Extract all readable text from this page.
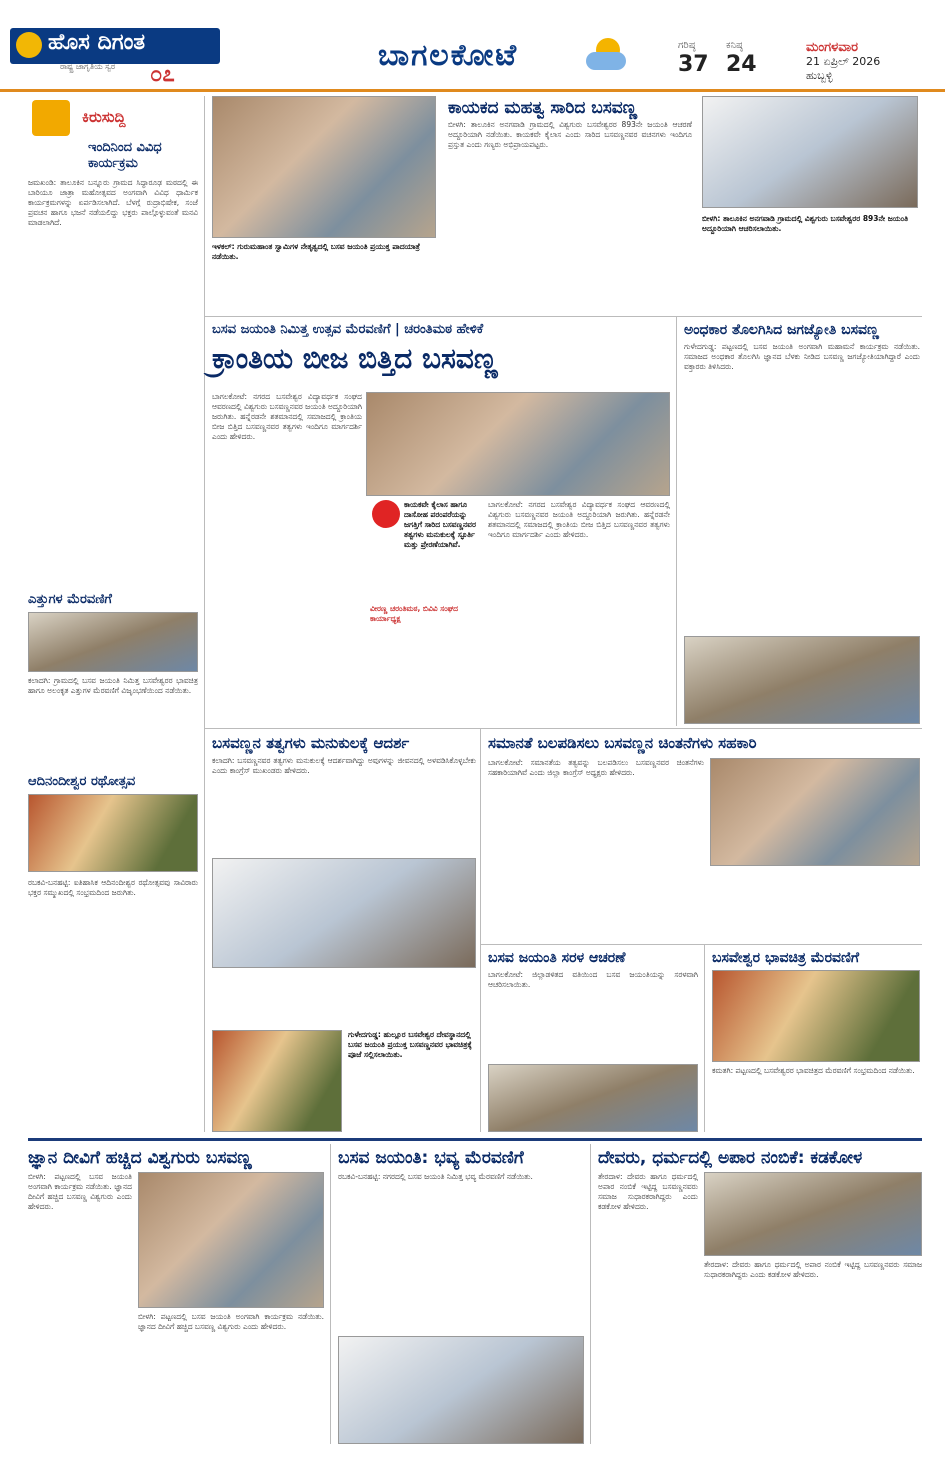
ಹೊಸ ದಿಗಂತ
ರಾಷ್ಟ್ರ ಜಾಗೃತಿಯ ಸ್ವರ ೦೭
ಬಾಗಲಕೋಟೆ	ಗರಿಷ್ಠ
37
ಕನಿಷ್ಠ
24
ಮಂಗಳವಾರ
21 ಏಪ್ರಿಲ್ 2026
ಹುಬ್ಬಳ್ಳಿ
ಕಿರುಸುದ್ದಿ
ಇಂದಿನಿಂದ ವಿವಿಧ ಕಾರ್ಯಕ್ರಮ
ಜಮಖಂಡಿ: ತಾಲೂಕಿನ ಬನ್ನೂರು ಗ್ರಾಮದ ಸಿದ್ಧಾರೂಢ ಮಠದಲ್ಲಿ ಈ ಬಾರಿಯೂ ಜಾತ್ರಾ ಮಹೋತ್ಸವದ ಅಂಗವಾಗಿ ವಿವಿಧ ಧಾರ್ಮಿಕ ಕಾರ್ಯಕ್ರಮಗಳನ್ನು ಏರ್ಪಡಿಸಲಾಗಿದೆ. ಬೆಳಗ್ಗೆ ರುದ್ರಾಭಿಷೇಕ, ಸಂಜೆ ಪ್ರವಚನ ಹಾಗೂ ಭಜನೆ ನಡೆಯಲಿದ್ದು ಭಕ್ತರು ಪಾಲ್ಗೊಳ್ಳುವಂತೆ ಮನವಿ ಮಾಡಲಾಗಿದೆ.
ಎತ್ತುಗಳ ಮೆರವಣಿಗೆ
ಕಲಾದಗಿ: ಗ್ರಾಮದಲ್ಲಿ ಬಸವ ಜಯಂತಿ ನಿಮಿತ್ತ ಬಸವೇಶ್ವರರ ಭಾವಚಿತ್ರ ಹಾಗೂ ಅಲಂಕೃತ ಎತ್ತುಗಳ ಮೆರವಣಿಗೆ ವಿಜೃಂಭಣೆಯಿಂದ ನಡೆಯಿತು.
ಆದಿನಂದೀಶ್ವರ ರಥೋತ್ಸವ
ರಬಕವಿ-ಬನಹಟ್ಟಿ: ಐತಿಹಾಸಿಕ ಆದಿನಂದೀಶ್ವರ ರಥೋತ್ಸವವು ಸಾವಿರಾರು ಭಕ್ತರ ಸಮ್ಮುಖದಲ್ಲಿ ಸಂಭ್ರಮದಿಂದ ಜರುಗಿತು.
ಇಳಕಲ್: ಗುರುಮಹಾಂತ ಸ್ವಾಮಿಗಳ ನೇತೃತ್ವದಲ್ಲಿ ಬಸವ ಜಯಂತಿ ಪ್ರಯುಕ್ತ ಪಾದಯಾತ್ರೆ ನಡೆಯಿತು.
ಕಾಯಕದ ಮಹತ್ವ ಸಾರಿದ ಬಸವಣ್ಣ
ಬೀಳಗಿ: ತಾಲೂಕಿನ ಅನಗವಾಡಿ ಗ್ರಾಮದಲ್ಲಿ ವಿಶ್ವಗುರು ಬಸವೇಶ್ವರರ 893ನೇ ಜಯಂತಿ ಆಚರಣೆ ಅದ್ದೂರಿಯಾಗಿ ನಡೆಯಿತು. ಕಾಯಕವೇ ಕೈಲಾಸ ಎಂದು ಸಾರಿದ ಬಸವಣ್ಣನವರ ವಚನಗಳು ಇಂದಿಗೂ ಪ್ರಸ್ತುತ ಎಂದು ಗಣ್ಯರು ಅಭಿಪ್ರಾಯಪಟ್ಟರು.
ಬೀಳಗಿ: ತಾಲೂಕಿನ ಅನಗವಾಡಿ ಗ್ರಾಮದಲ್ಲಿ ವಿಶ್ವಗುರು ಬಸವೇಶ್ವರರ 893ನೇ ಜಯಂತಿ ಅದ್ದೂರಿಯಾಗಿ ಆಚರಿಸಲಾಯಿತು.
ಬಸವ ಜಯಂತಿ ನಿಮಿತ್ತ ಉತ್ಸವ ಮೆರವಣಿಗೆ | ಚರಂತಿಮಠ ಹೇಳಿಕೆ
ಕ್ರಾಂತಿಯ ಬೀಜ ಬಿತ್ತಿದ ಬಸವಣ್ಣ
ಬಾಗಲಕೋಟೆ: ನಗರದ ಬಸವೇಶ್ವರ ವಿದ್ಯಾವರ್ಧಕ ಸಂಘದ ಆವರಣದಲ್ಲಿ ವಿಶ್ವಗುರು ಬಸವಣ್ಣನವರ ಜಯಂತಿ ಅದ್ದೂರಿಯಾಗಿ ಜರುಗಿತು. ಹನ್ನೆರಡನೇ ಶತಮಾನದಲ್ಲಿ ಸಮಾಜದಲ್ಲಿ ಕ್ರಾಂತಿಯ ಬೀಜ ಬಿತ್ತಿದ ಬಸವಣ್ಣನವರ ತತ್ವಗಳು ಇಂದಿಗೂ ಮಾರ್ಗದರ್ಶಿ ಎಂದು ಹೇಳಿದರು.
ಕಾಯಕವೇ ಕೈಲಾಸ ಹಾಗೂ ದಾಸೋಹ ಪರಂಪರೆಯನ್ನು ಜಗತ್ತಿಗೆ ಸಾರಿದ ಬಸವಣ್ಣನವರ ತತ್ವಗಳು ಮನುಕುಲಕ್ಕೆ ಸ್ಫೂರ್ತಿ ಮತ್ತು ಪ್ರೇರಣೆಯಾಗಿವೆ.
ವೀರಣ್ಣ ಚರಂತಿಮಠ, ಬಿವಿವಿ ಸಂಘದ ಕಾರ್ಯಾಧ್ಯಕ್ಷ
ಬಾಗಲಕೋಟೆ: ನಗರದ ಬಸವೇಶ್ವರ ವಿದ್ಯಾವರ್ಧಕ ಸಂಘದ ಆವರಣದಲ್ಲಿ ವಿಶ್ವಗುರು ಬಸವಣ್ಣನವರ ಜಯಂತಿ ಅದ್ದೂರಿಯಾಗಿ ಜರುಗಿತು. ಹನ್ನೆರಡನೇ ಶತಮಾನದಲ್ಲಿ ಸಮಾಜದಲ್ಲಿ ಕ್ರಾಂತಿಯ ಬೀಜ ಬಿತ್ತಿದ ಬಸವಣ್ಣನವರ ತತ್ವಗಳು ಇಂದಿಗೂ ಮಾರ್ಗದರ್ಶಿ ಎಂದು ಹೇಳಿದರು.
ಅಂಧಕಾರ ತೊಲಗಿಸಿದ ಜಗಜ್ಯೋತಿ ಬಸವಣ್ಣ
ಗುಳೇದಗುಡ್ಡ: ಪಟ್ಟಣದಲ್ಲಿ ಬಸವ ಜಯಂತಿ ಅಂಗವಾಗಿ ಮಹಾಮನೆ ಕಾರ್ಯಕ್ರಮ ನಡೆಯಿತು. ಸಮಾಜದ ಅಂಧಕಾರ ತೊಲಗಿಸಿ ಜ್ಞಾನದ ಬೆಳಕು ನೀಡಿದ ಬಸವಣ್ಣ ಜಗಜ್ಯೋತಿಯಾಗಿದ್ದಾರೆ ಎಂದು ವಕ್ತಾರರು ತಿಳಿಸಿದರು.
ಬಸವಣ್ಣನ ತತ್ವಗಳು ಮನುಕುಲಕ್ಕೆ ಆದರ್ಶ
ಕಲಾದಗಿ: ಬಸವಣ್ಣನವರ ತತ್ವಗಳು ಮನುಕುಲಕ್ಕೆ ಆದರ್ಶವಾಗಿದ್ದು ಅವುಗಳನ್ನು ಜೀವನದಲ್ಲಿ ಅಳವಡಿಸಿಕೊಳ್ಳಬೇಕು ಎಂದು ಕಾಂಗ್ರೆಸ್ ಮುಖಂಡರು ಹೇಳಿದರು.
ಗುಳೇದಗುಡ್ಡ: ಹುಲ್ಲೂರ ಬಸವೇಶ್ವರ ದೇವಸ್ಥಾನದಲ್ಲಿ ಬಸವ ಜಯಂತಿ ಪ್ರಯುಕ್ತ ಬಸವಣ್ಣನವರ ಭಾವಚಿತ್ರಕ್ಕೆ ಪೂಜೆ ಸಲ್ಲಿಸಲಾಯಿತು.
ಸಮಾನತೆ ಬಲಪಡಿಸಲು ಬಸವಣ್ಣನ ಚಿಂತನೆಗಳು ಸಹಕಾರಿ
ಬಾಗಲಕೋಟೆ: ಸಮಾನತೆಯ ತತ್ವವನ್ನು ಬಲಪಡಿಸಲು ಬಸವಣ್ಣನವರ ಚಿಂತನೆಗಳು ಸಹಕಾರಿಯಾಗಿವೆ ಎಂದು ಜಿಲ್ಲಾ ಕಾಂಗ್ರೆಸ್ ಅಧ್ಯಕ್ಷರು ಹೇಳಿದರು.
ಬಸವ ಜಯಂತಿ ಸರಳ ಆಚರಣೆ
ಬಾಗಲಕೋಟೆ: ಜಿಲ್ಲಾಡಳಿತದ ವತಿಯಿಂದ ಬಸವ ಜಯಂತಿಯನ್ನು ಸರಳವಾಗಿ ಆಚರಿಸಲಾಯಿತು.
ಬಸವೇಶ್ವರ ಭಾವಚಿತ್ರ ಮೆರವಣಿಗೆ
ಕಮತಗಿ: ಪಟ್ಟಣದಲ್ಲಿ ಬಸವೇಶ್ವರರ ಭಾವಚಿತ್ರದ ಮೆರವಣಿಗೆ ಸಂಭ್ರಮದಿಂದ ನಡೆಯಿತು.
ಜ್ಞಾನ ದೀವಿಗೆ ಹಚ್ಚಿದ ವಿಶ್ವಗುರು ಬಸವಣ್ಣ
ಬೀಳಗಿ: ಪಟ್ಟಣದಲ್ಲಿ ಬಸವ ಜಯಂತಿ ಅಂಗವಾಗಿ ಕಾರ್ಯಕ್ರಮ ನಡೆಯಿತು. ಜ್ಞಾನದ ದೀವಿಗೆ ಹಚ್ಚಿದ ಬಸವಣ್ಣ ವಿಶ್ವಗುರು ಎಂದು ಹೇಳಿದರು.
ಬೀಳಗಿ: ಪಟ್ಟಣದಲ್ಲಿ ಬಸವ ಜಯಂತಿ ಅಂಗವಾಗಿ ಕಾರ್ಯಕ್ರಮ ನಡೆಯಿತು. ಜ್ಞಾನದ ದೀವಿಗೆ ಹಚ್ಚಿದ ಬಸವಣ್ಣ ವಿಶ್ವಗುರು ಎಂದು ಹೇಳಿದರು.
ಬಸವ ಜಯಂತಿ: ಭವ್ಯ ಮೆರವಣಿಗೆ
ರಬಕವಿ-ಬನಹಟ್ಟಿ: ನಗರದಲ್ಲಿ ಬಸವ ಜಯಂತಿ ನಿಮಿತ್ತ ಭವ್ಯ ಮೆರವಣಿಗೆ ನಡೆಯಿತು.
ದೇವರು, ಧರ್ಮದಲ್ಲಿ ಅಪಾರ ನಂಬಿಕೆ: ಕಡಕೋಳ
ತೇರದಾಳ: ದೇವರು ಹಾಗೂ ಧರ್ಮದಲ್ಲಿ ಅಪಾರ ನಂಬಿಕೆ ಇಟ್ಟಿದ್ದ ಬಸವಣ್ಣನವರು ಸಮಾಜ ಸುಧಾರಕರಾಗಿದ್ದರು ಎಂದು ಕಡಕೋಳ ಹೇಳಿದರು.
ತೇರದಾಳ: ದೇವರು ಹಾಗೂ ಧರ್ಮದಲ್ಲಿ ಅಪಾರ ನಂಬಿಕೆ ಇಟ್ಟಿದ್ದ ಬಸವಣ್ಣನವರು ಸಮಾಜ ಸುಧಾರಕರಾಗಿದ್ದರು ಎಂದು ಕಡಕೋಳ ಹೇಳಿದರು.
